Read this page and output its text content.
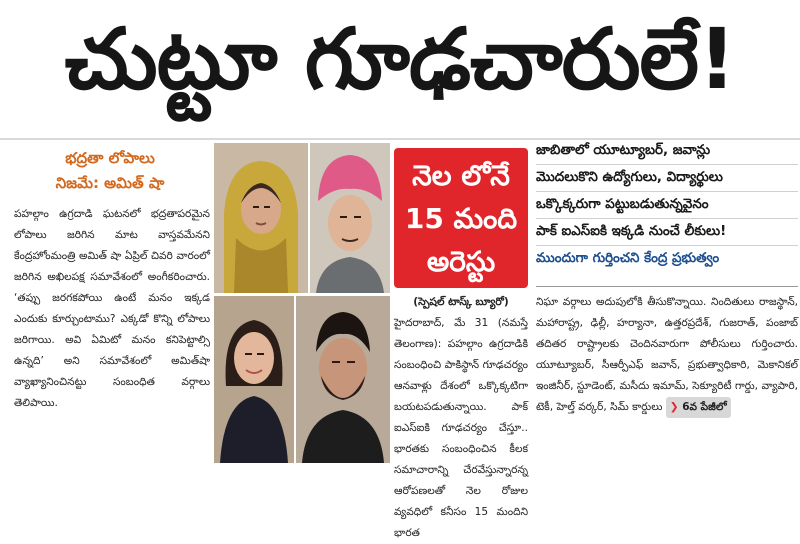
చుట్టూ గూఢచారులే!
భద్రతా లోపాలు
నిజమే: అమిత్ షా

పహల్గాం ఉగ్రదాడి ఘటనలో భద్రతాపరమైన లోపాలు జరిగిన మాట వాస్తవమేనని కేంద్రహోంమంత్రి అమిత్ షా ఏప్రిల్ చివరి వారంలో జరిగిన అఖిలపక్ష సమావేశంలో అంగీకరించారు. ‘తప్పు జరగకపోయి ఉంటే మనం ఇక్కడ ఎందుకు కూర్చుంటాము? ఎక్కడో కొన్ని లోపాలు జరిగాయి. అవి ఏమిటో మనం కనిపెట్టాల్సి ఉన్నది’ అని సమావేశంలో అమిత్‌షా వ్యాఖ్యానించినట్టు సంబంధిత వర్గాలు తెలిపాయి.

నెల లోనే
15 మంది
అరెస్టు
జాబితాలో యూట్యూబర్, జవాన్లు
మొదలుకొని ఉద్యోగులు, విద్యార్థులు
ఒక్కొక్కరుగా పట్టుబడుతున్నవైనం
పాక్ ఐఎస్ఐకి ఇక్కడి నుంచే లీకులు!
ముందుగా గుర్తించని కేంద్ర ప్రభుత్వం

(స్పెషల్ టాస్క్ బ్యూరో)

హైదరాబాద్, మే 31 (నమస్తే తెలంగాణ): పహల్గాం ఉగ్రదాడికి సంబంధించి పాకిస్థాన్ గూఢచర్యం ఆనవాళ్లు దేశంలో ఒక్కొక్కటిగా బయటపడుతున్నాయి. పాక్ ఐఎస్ఐకి గూఢచర్యం చేస్తూ.. భారతకు సంబంధించిన కీలక సమాచారాన్ని చేరవేస్తున్నారన్న ఆరోపణలతో నెల రోజుల వ్యవధిలో కనీసం 15 మందిని భారత

నిఘా వర్గాలు అదుపులోకి తీసుకొన్నాయి. నిందితులు రాజస్థాన్, మహారాష్ట్ర, ఢిల్లీ, హర్యానా, ఉత్తరప్రదేశ్, గుజరాత్, పంజాబ్ తదితర రాష్ట్రాలకు చెందినవారుగా పోలీసులు గుర్తించారు. యూట్యూబర్, సీఆర్పీఎఫ్ జవాన్, ప్రభుత్వాధికారి, మెకానికల్ ఇంజినీర్, స్టూడెంట్, మసీదు ఇమామ్, సెక్యూరిటీ గార్డు, వ్యాపారి, టెకీ, హెల్త్ వర్కర్, సిమ్ కార్డులు ❯ 6వ పేజీలో
